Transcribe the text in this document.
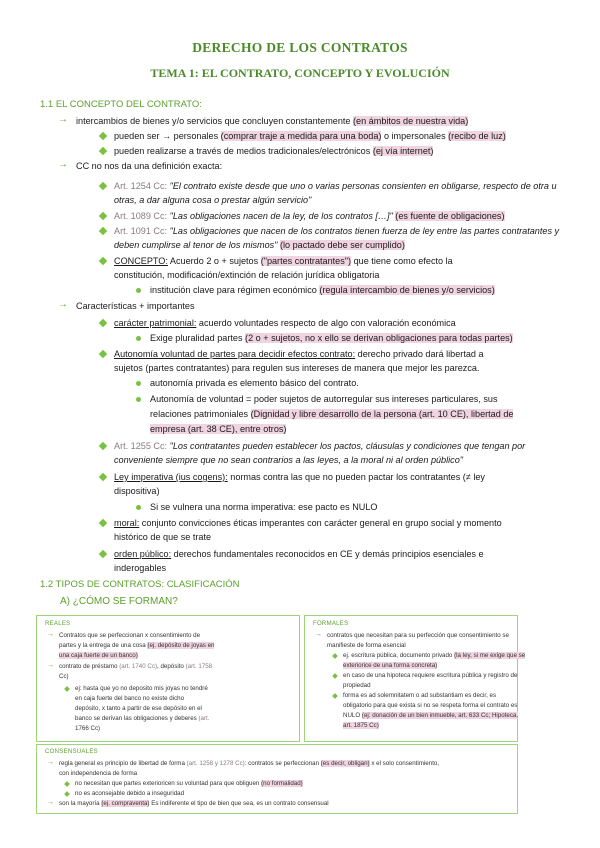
DERECHO DE LOS CONTRATOS
TEMA 1: EL CONTRATO, CONCEPTO Y EVOLUCIÓN
1.1 EL CONCEPTO DEL CONTRATO:
→ intercambios de bienes y/o servicios que concluyen constantemente (en ámbitos de nuestra vida)
pueden ser → personales (comprar traje a medida para una boda) o impersonales (recibo de luz)
pueden realizarse a través de medios tradicionales/electrónicos (ej vía internet)
→ CC no nos da una definición exacta:
Art. 1254 Cc: "El contrato existe desde que uno o varias personas consienten en obligarse, respecto de otra u
otras, a dar alguna cosa o prestar algún servicio"
Art. 1089 Cc: "Las obligaciones nacen de la ley, de los contratos […]" (es fuente de obligaciones)
Art. 1091 Cc: "Las obligaciones que nacen de los contratos tienen fuerza de ley entre las partes contratantes y
deben cumplirse al tenor de los mismos" (lo pactado debe ser cumplido)
CONCEPTO: Acuerdo 2 o + sujetos ("partes contratantes") que tiene como efecto la
constitución, modificación/extinción de relación jurídica obligatoria
institución clave para régimen económico (regula intercambio de bienes y/o servicios)
→ Características + importantes
carácter patrimonial: acuerdo voluntades respecto de algo con valoración económica
Exige pluralidad partes (2 o + sujetos, no x ello se derivan obligaciones para todas partes)
Autonomía voluntad de partes para decidir efectos contrato: derecho privado dará libertad a
sujetos (partes contratantes) para regulen sus intereses de manera que mejor les parezca.
autonomía privada es elemento básico del contrato.
Autonomía de voluntad = poder sujetos de autorregular sus intereses particulares, sus
relaciones patrimoniales (Dignidad y libre desarrollo de la persona (art. 10 CE), libertad de
empresa (art. 38 CE), entre otros)
Art. 1255 Cc: "Los contratantes pueden establecer los pactos, cláusulas y condiciones que tengan por
conveniente siempre que no sean contrarios a las leyes, a la moral ni al orden público"
Ley imperativa (ius cogens): normas contra las que no pueden pactar los contratantes (≠ ley
dispositiva)
Si se vulnera una norma imperativa: ese pacto es NULO
moral: conjunto convicciones éticas imperantes con carácter general en grupo social y momento
histórico de que se trate
orden público: derechos fundamentales reconocidos en CE y demás principios esenciales e
inderogables
1.2 TIPOS DE CONTRATOS: CLASIFICACIÓN
A) ¿CÓMO SE FORMAN?
REALES
→ Contratos que se perfeccionan x consentimiento de
partes y la entrega de una cosa (ej. depósito de joyas en
una caja fuerte de un banco)
→ contrato de préstamo (art. 1740 Cc), depósito (art. 1758
Cc)
ej: hasta que yo no deposito mis joyas no tendré
en caja fuerte del banco no existe dicho
depósito, x tanto a partir de ese depósito en el
banco se derivan las obligaciones y deberes (art.
1766 Cc)
FORMALES
→ contratos que necesitan para su perfección que consentimiento se
manifieste de forma esencial
ej. escritura pública, documento privado (la ley, si me exige que se
exteriorice de una forma concreta)
en caso de una hipoteca requiere escritura pública y registro de
propiedad
forma es ad solemnitatem o ad substantiam es decir, es
obligatorio para que exista si no se respeta forma el contrato es
NULO (ej: donación de un bien inmueble, art. 633 Cc; Hipoteca,
art. 1875 Cc)
CONSENSUALES
→ regla general es principio de libertad de forma (art. 1258 y 1278 Cc): contratos se perfeccionan (es decir, obligan) x el solo consentimiento,
con independencia de forma
no necesitan que partes exterioricen su voluntad para que obliguen (no formalidad)
no es aconsejable debido a inseguridad
→ son la mayoría (ej. compraventa) Es indiferente el tipo de bien que sea, es un contrato consensual
